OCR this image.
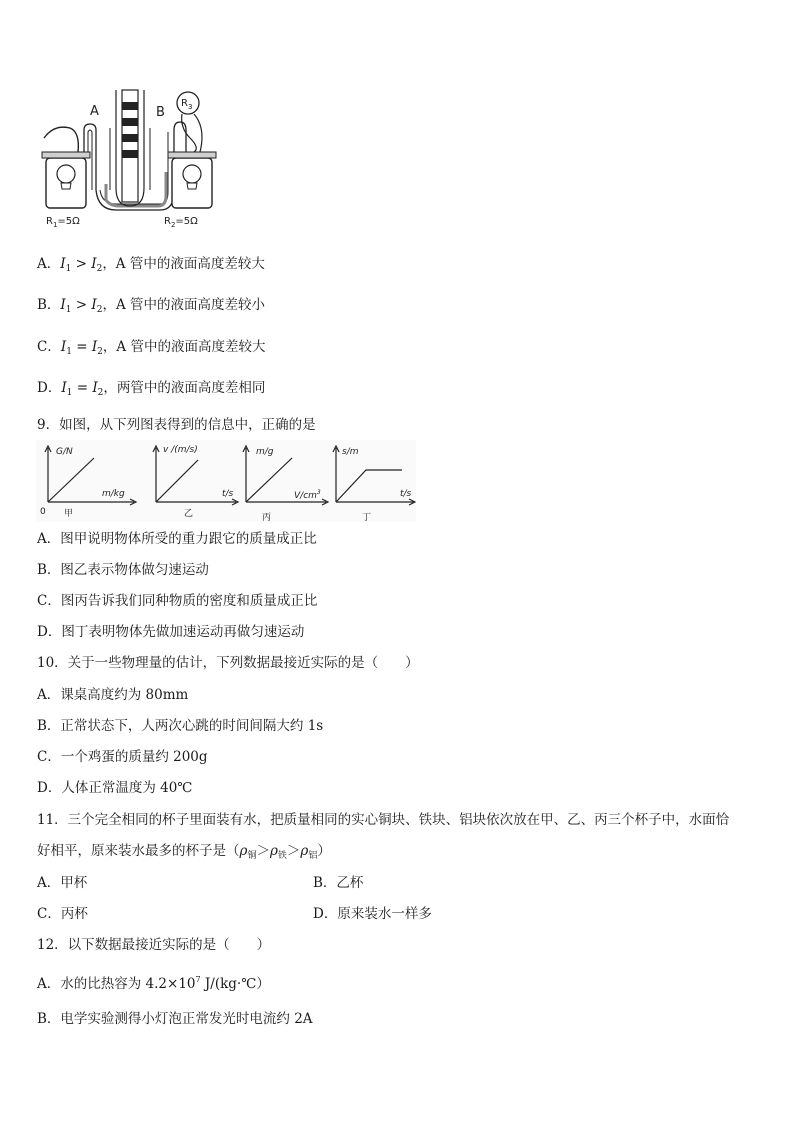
A	B
$R_3$
$R_1=5\Omega$	$R_2=5\Omega$
A．$I_1 > I_2$，A 管中的液面高度差较大
B．$I_1 > I_2$，A 管中的液面高度差较小
C．$I_1 = I_2$，A 管中的液面高度差较大
D．$I_1 = I_2$，两管中的液面高度差相同
9．如图，从下列图表得到的信息中，正确的是
G/N
m/kg
0 甲
v /(m/s)
t/s
乙
m/g
$V/cm^3$
丙
s/m
t/s
丁
A．图甲说明物体所受的重力跟它的质量成正比
B．图乙表示物体做匀速运动
C．图丙告诉我们同种物质的密度和质量成正比
D．图丁表明物体先做加速运动再做匀速运动
10．关于一些物理量的估计，下列数据最接近实际的是（　　）
A．课桌高度约为 80mm
B．正常状态下，人两次心跳的时间间隔大约 1s
C．一个鸡蛋的质量约 200g
D．人体正常温度为 40℃
11．三个完全相同的杯子里面装有水，把质量相同的实心铜块、铁块、铝块依次放在甲、乙、丙三个杯子中，水面恰
好相平，原来装水最多的杯子是$(\rho_铜>\rho_铁>\rho_铝)$
A．甲杯	B．乙杯
C．丙杯	D．原来装水一样多
12．以下数据最接近实际的是（　　）
A．水的比热容为 $4.2\times 10^7$ J/(kg·℃）
B．电学实验测得小灯泡正常发光时电流约 2A
